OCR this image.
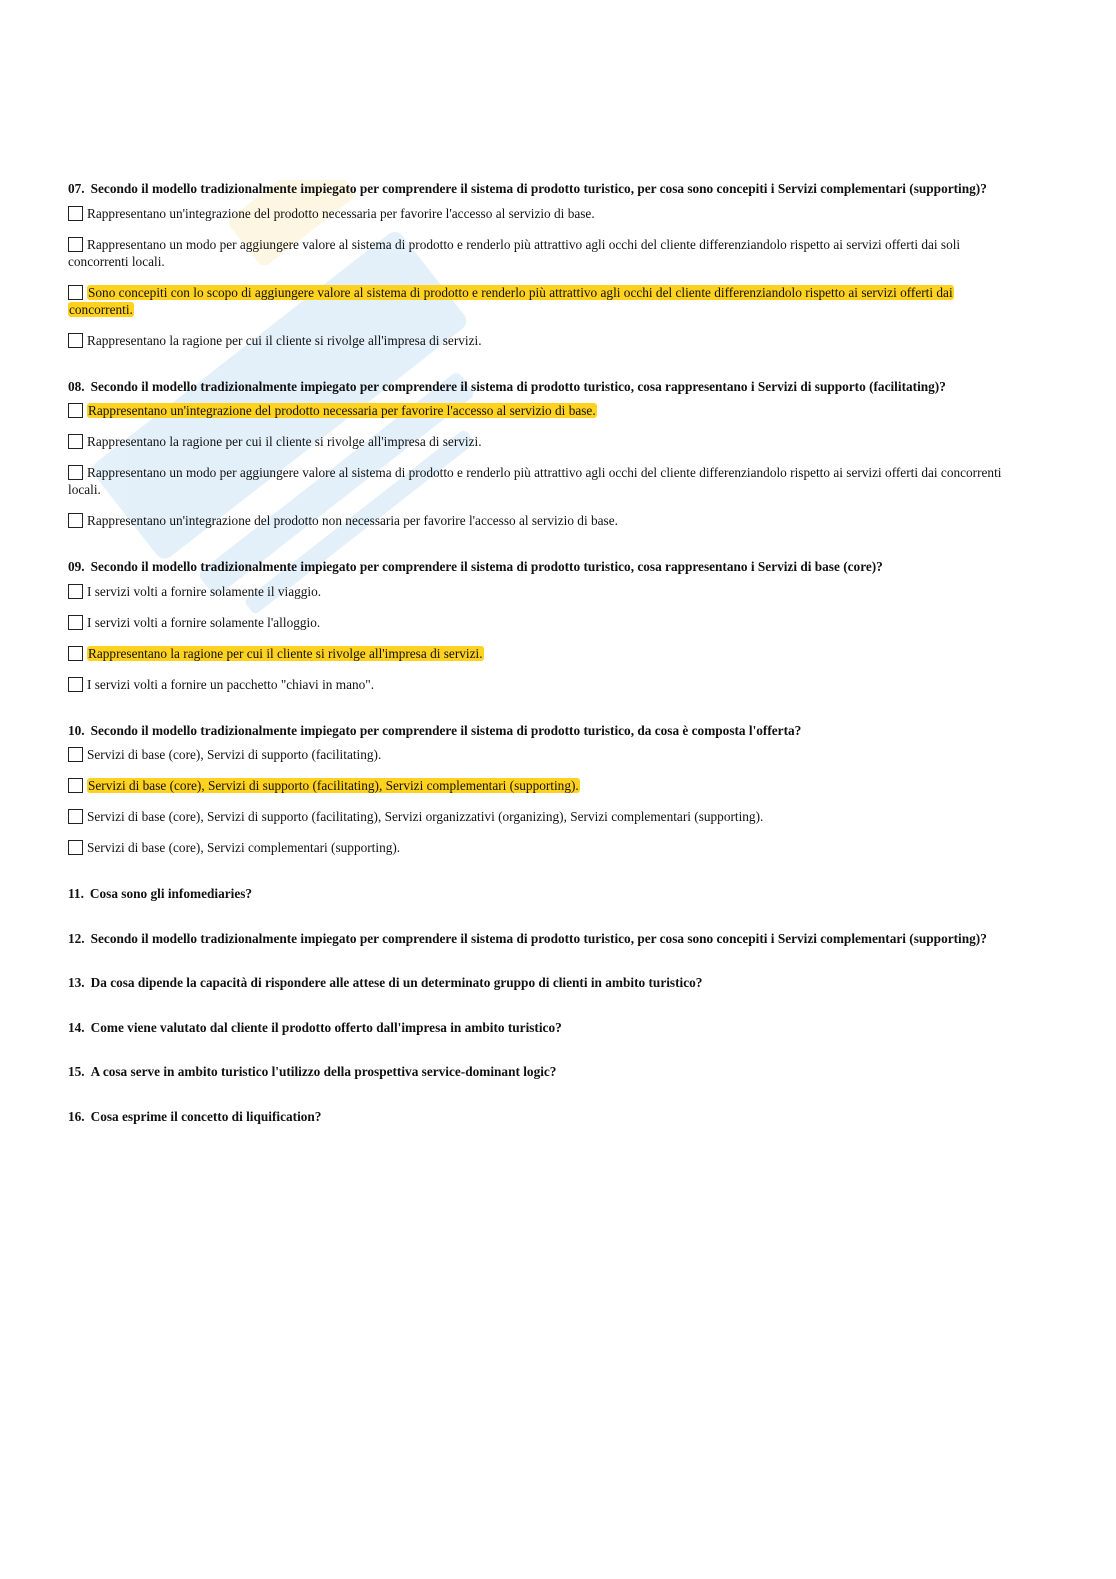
07. Secondo il modello tradizionalmente impiegato per comprendere il sistema di prodotto turistico, per cosa sono concepiti i Servizi complementari (supporting)?
Rappresentano un'integrazione del prodotto necessaria per favorire l'accesso al servizio di base.
Rappresentano un modo per aggiungere valore al sistema di prodotto e renderlo più attrattivo agli occhi del cliente differenziandolo rispetto ai servizi offerti dai soli concorrenti locali.
Sono concepiti con lo scopo di aggiungere valore al sistema di prodotto e renderlo più attrattivo agli occhi del cliente differenziandolo rispetto ai servizi offerti dai concorrenti.
Rappresentano la ragione per cui il cliente si rivolge all'impresa di servizi.
08. Secondo il modello tradizionalmente impiegato per comprendere il sistema di prodotto turistico, cosa rappresentano i Servizi di supporto (facilitating)?
Rappresentano un'integrazione del prodotto necessaria per favorire l'accesso al servizio di base.
Rappresentano la ragione per cui il cliente si rivolge all'impresa di servizi.
Rappresentano un modo per aggiungere valore al sistema di prodotto e renderlo più attrattivo agli occhi del cliente differenziandolo rispetto ai servizi offerti dai concorrenti locali.
Rappresentano un'integrazione del prodotto non necessaria per favorire l'accesso al servizio di base.
09. Secondo il modello tradizionalmente impiegato per comprendere il sistema di prodotto turistico, cosa rappresentano i Servizi di base (core)?
I servizi volti a fornire solamente il viaggio.
I servizi volti a fornire solamente l'alloggio.
Rappresentano la ragione per cui il cliente si rivolge all'impresa di servizi.
I servizi volti a fornire un pacchetto "chiavi in mano".
10. Secondo il modello tradizionalmente impiegato per comprendere il sistema di prodotto turistico, da cosa è composta l'offerta?
Servizi di base (core), Servizi di supporto (facilitating).
Servizi di base (core), Servizi di supporto (facilitating), Servizi complementari (supporting).
Servizi di base (core), Servizi di supporto (facilitating), Servizi organizzativi (organizing), Servizi complementari (supporting).
Servizi di base (core), Servizi complementari (supporting).
11. Cosa sono gli infomediaries?
12. Secondo il modello tradizionalmente impiegato per comprendere il sistema di prodotto turistico, per cosa sono concepiti i Servizi complementari (supporting)?
13. Da cosa dipende la capacità di rispondere alle attese di un determinato gruppo di clienti in ambito turistico?
14. Come viene valutato dal cliente il prodotto offerto dall'impresa in ambito turistico?
15. A cosa serve in ambito turistico l'utilizzo della prospettiva service-dominant logic?
16. Cosa esprime il concetto di liquification?
